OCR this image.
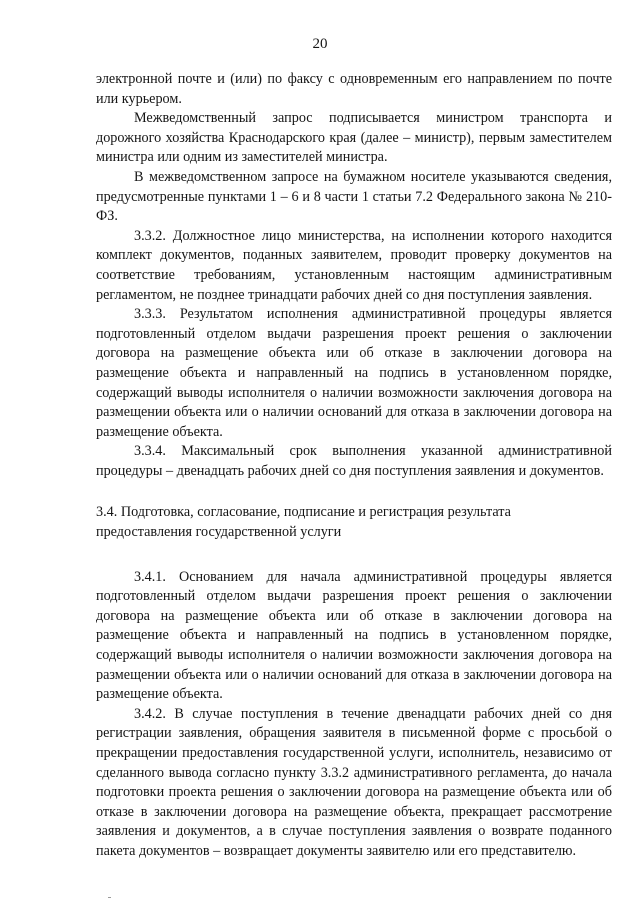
20

электронной почте и (или) по факсу с одновременным его направлением по почте или курьером.

Межведомственный запрос подписывается министром транспорта и дорожного хозяйства Краснодарского края (далее – министр), первым заместителем министра или одним из заместителей министра.

В межведомственном запросе на бумажном носителе указываются сведения, предусмотренные пунктами 1 – 6 и 8 части 1 статьи 7.2 Федерального закона № 210-ФЗ.

3.3.2. Должностное лицо министерства, на исполнении которого находится комплект документов, поданных заявителем, проводит проверку документов на соответствие требованиям, установленным настоящим административным регламентом, не позднее тринадцати рабочих дней со дня поступления заявления.

3.3.3. Результатом исполнения административной процедуры является подготовленный отделом выдачи разрешения проект решения о заключении договора на размещение объекта или об отказе в заключении договора на размещение объекта и направленный на подпись в установленном порядке, содержащий выводы исполнителя о наличии возможности заключения договора на размещении объекта или о наличии оснований для отказа в заключении договора на размещение объекта.

3.3.4. Максимальный срок выполнения указанной административной процедуры – двенадцать рабочих дней со дня поступления заявления и документов.

3.4. Подготовка, согласование, подписание и регистрация результата
предоставления государственной услуги

3.4.1. Основанием для начала административной процедуры является подготовленный отделом выдачи разрешения проект решения о заключении договора на размещение объекта или об отказе в заключении договора на размещение объекта и направленный на подпись в установленном порядке, содержащий выводы исполнителя о наличии возможности заключения договора на размещении объекта или о наличии оснований для отказа в заключении договора на размещение объекта.

3.4.2. В случае поступления в течение двенадцати рабочих дней со дня регистрации заявления, обращения заявителя в письменной форме с просьбой о прекращении предоставления государственной услуги, исполнитель, независимо от сделанного вывода согласно пункту 3.3.2 административного регламента, до начала подготовки проекта решения о заключении договора на размещение объекта или об отказе в заключении договора на размещение объекта, прекращает рассмотрение заявления и документов, а в случае поступления заявления о возврате поданного пакета документов – возвращает документы заявителю или его представителю.
